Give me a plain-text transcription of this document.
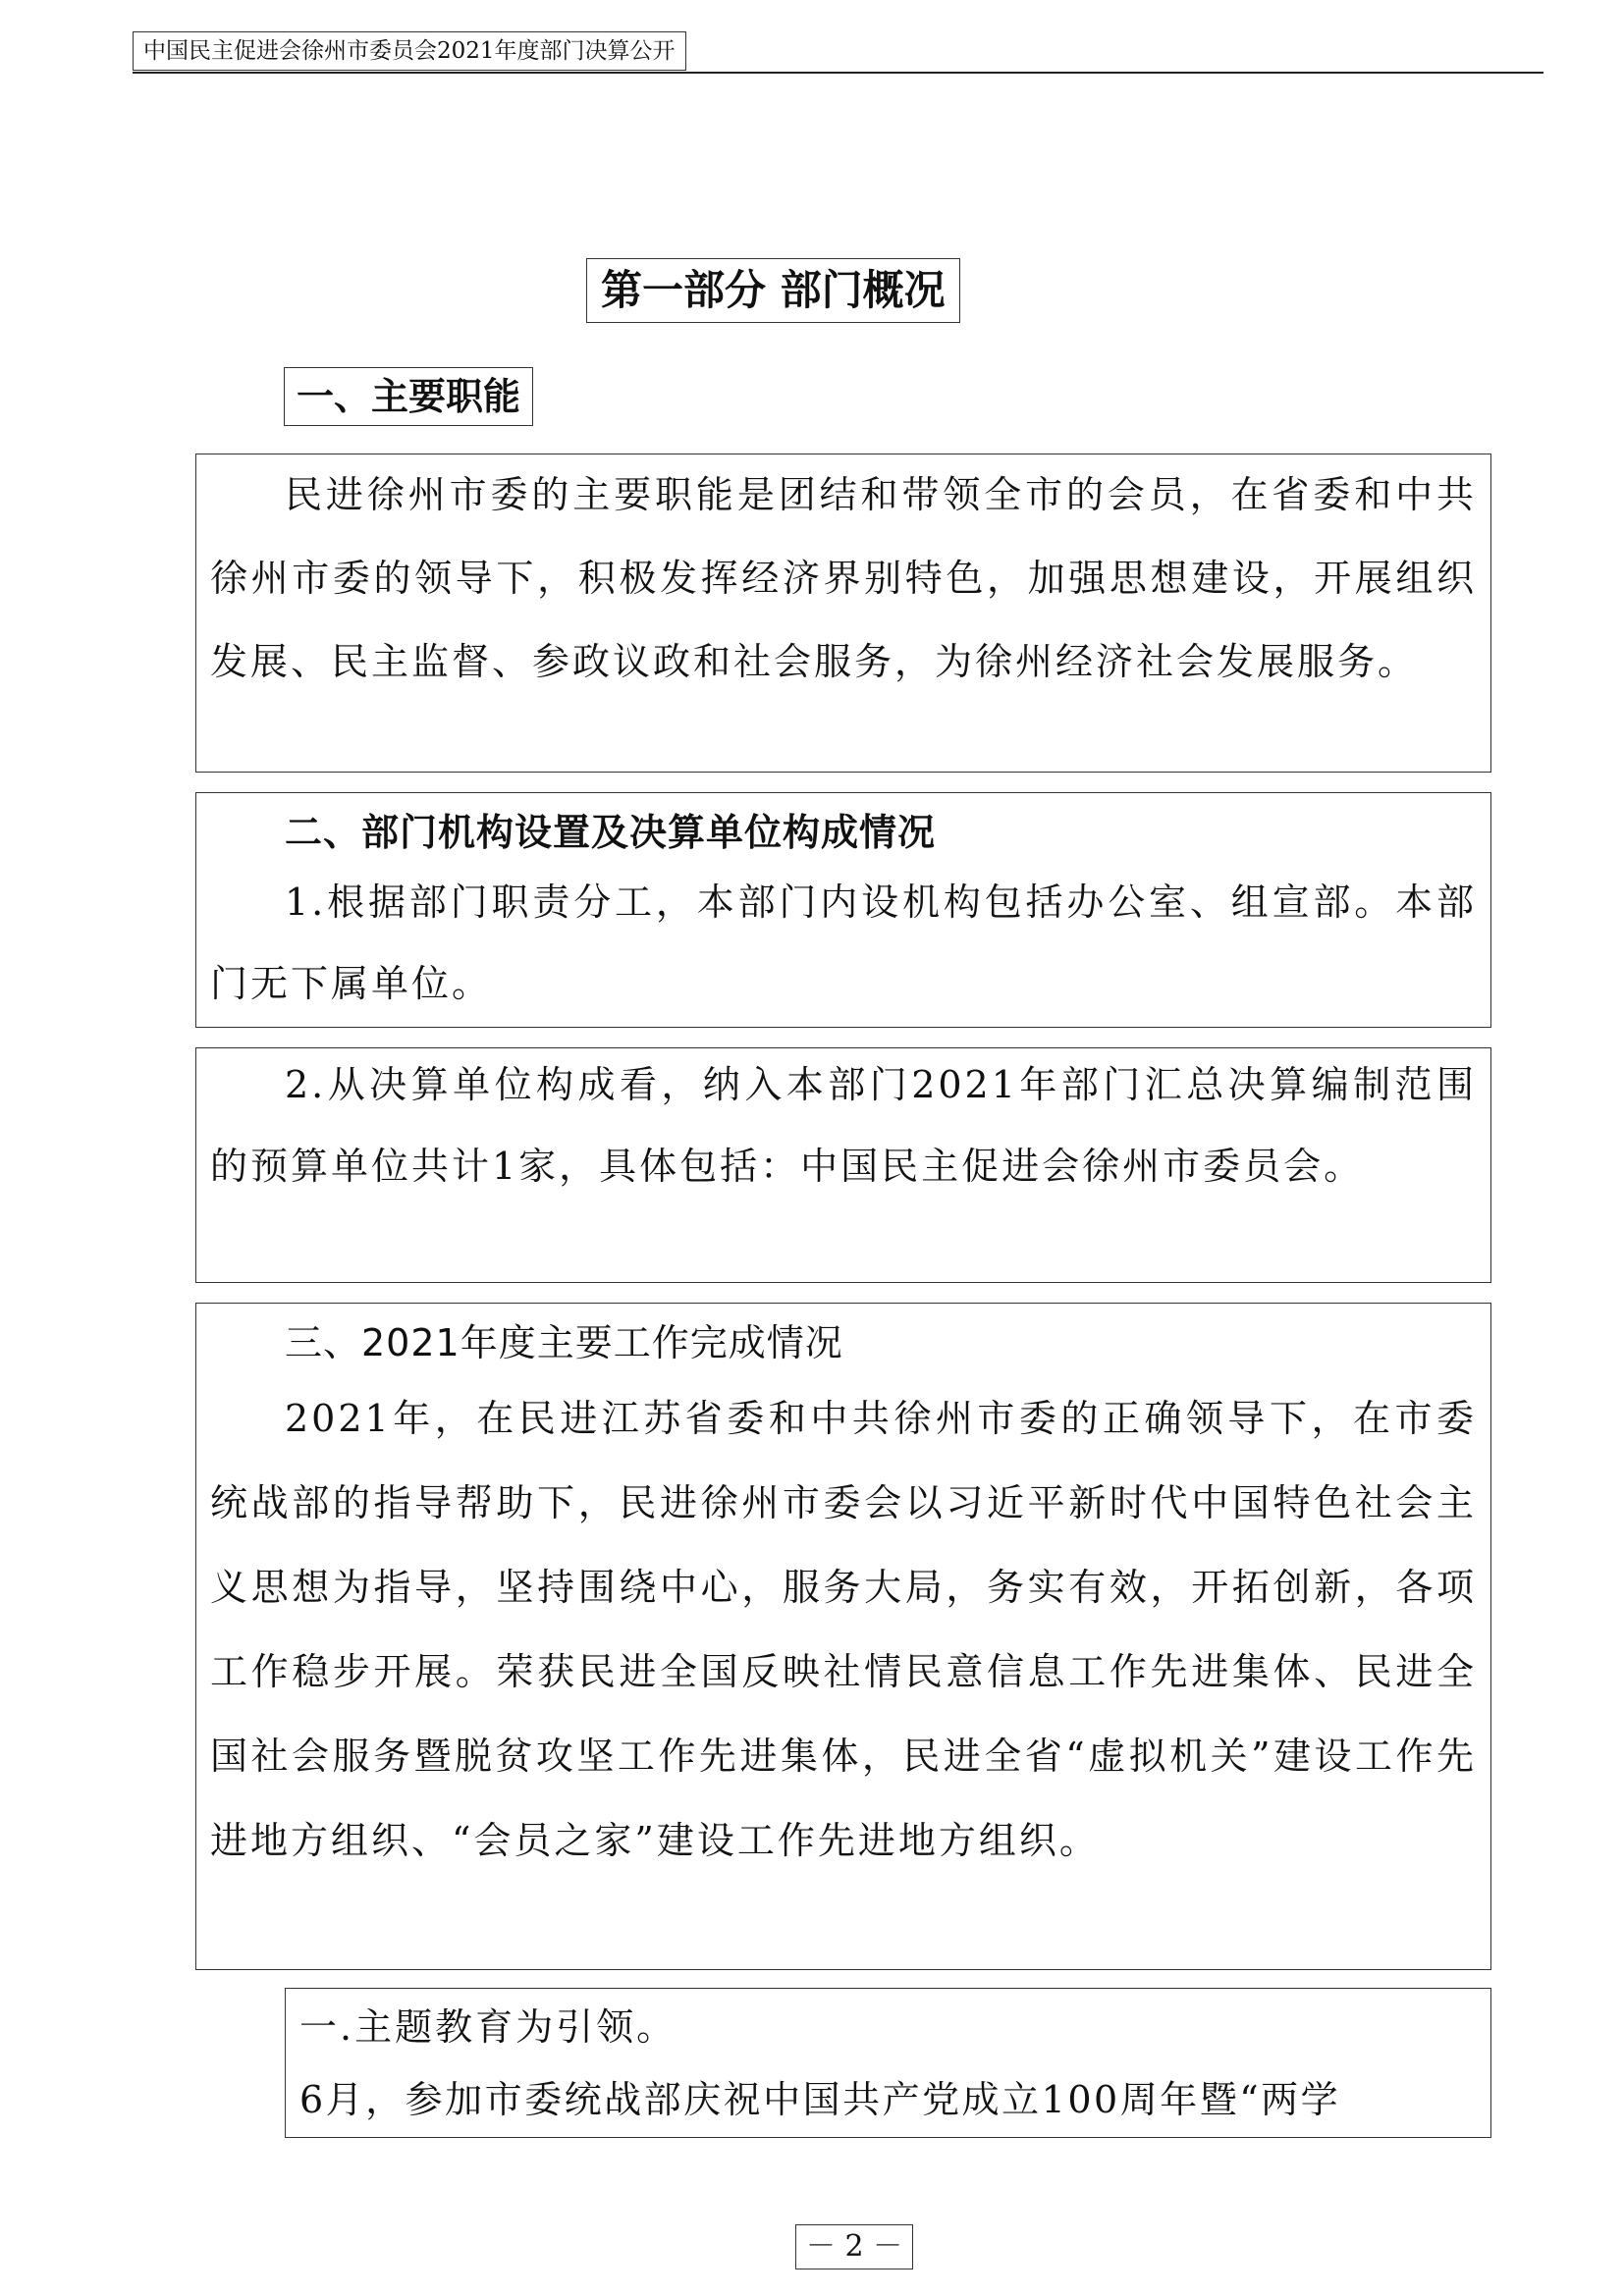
中国民主促进会徐州市委员会2021年度部门决算公开
第一部分 部门概况
一、主要职能

民进徐州市委的主要职能是团结和带领全市的会员，在省委和中共徐州市委的领导下，积极发挥经济界别特色，加强思想建设，开展组织发展、民主监督、参政议政和社会服务，为徐州经济社会发展服务。

二、部门机构设置及决算单位构成情况

1.根据部门职责分工，本部门内设机构包括办公室、组宣部。本部门无下属单位。

2.从决算单位构成看，纳入本部门2021年部门汇总决算编制范围的预算单位共计1家，具体包括：中国民主促进会徐州市委员会。

三、2021年度主要工作完成情况

2021年，在民进江苏省委和中共徐州市委的正确领导下，在市委统战部的指导帮助下，民进徐州市委会以习近平新时代中国特色社会主义思想为指导，坚持围绕中心，服务大局，务实有效，开拓创新，各项工作稳步开展。荣获民进全国反映社情民意信息工作先进集体、民进全国社会服务暨脱贫攻坚工作先进集体，民进全省“虚拟机关”建设工作先进地方组织、“会员之家”建设工作先进地方组织。

一.主题教育为引领。

6月，参加市委统战部庆祝中国共产党成立100周年暨“两学

－ 2 －
